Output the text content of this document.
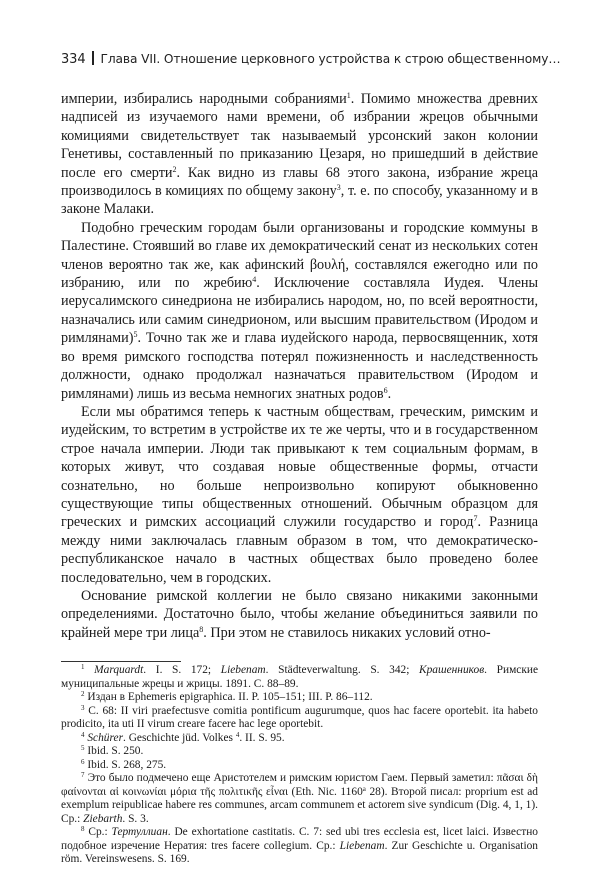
334 Глава VII. Отношение церковного устройства к строю общественному…

империи, избирались народными собраниями$^1$. Помимо множества древних надписей из изучаемого нами времени, об избрании жрецов обычными комициями свидетельствует так называемый урсонский закон колонии Генетивы, составленный по приказанию Цезаря, но пришедший в действие после его смерти$^2$. Как видно из главы 68 этого закона, избрание жреца производилось в комициях по общему закону$^3$, т. е. по способу, указанному и в законе Малаки.

Подобно греческим городам были организованы и городские коммуны в Палестине. Стоявший во главе их демократический сенат из нескольких сотен членов вероятно так же, как афинский βουλή, составлялся ежегодно или по избранию, или по жребию$^4$. Исключение составляла Иудея. Члены иерусалимского синедриона не избирались народом, но, по всей вероятности, назначались или самим синедрионом, или высшим правительством (Иродом и римлянами)$^5$. Точно так же и глава иудейского народа, первосвященник, хотя во время римского господства потерял пожизненность и наследственность должности, однако продолжал назначаться правительством (Иродом и римлянами) лишь из весьма немногих знатных родов$^6$.

Если мы обратимся теперь к частным обществам, греческим, римским и иудейским, то встретим в устройстве их те же черты, что и в государственном строе начала империи. Люди так привыкают к тем социальным формам, в которых живут, что создавая новые общественные формы, отчасти сознательно, но больше непроизвольно копируют обыкновенно существующие типы общественных отношений. Обычным образцом для греческих и римских ассоциаций служили государство и город$^7$. Разница между ними заключалась главным образом в том, что демократическо-республиканское начало в частных обществах было проведено более последовательно, чем в городских.

Основание римской коллегии не было связано никакими законными определениями. Достаточно было, чтобы желание объединиться заявили по крайней мере три лица$^8$. При этом не ставилось никаких условий отно-

$^1$ Marquardt. I. S. 172; Liebenam. Städteverwaltung. S. 342; Крашенников. Римские муниципальные жрецы и жрицы. 1891. С. 88–89.

$^2$ Издан в Ephemeris epigraphica. II. P. 105–151; III. P. 86–112.

$^3$ C. 68: II viri praefectusve comitia pontificum augurumque, quos hac facere oportebit. ita habeto prodicito, ita uti II virum creare facere hac lege oportebit.

$^4$ Schürer. Geschichte jüd. Volkes $^4$. II. S. 95.

$^5$ Ibid. S. 250.

$^6$ Ibid. S. 268, 275.

$^7$ Это было подмечено еще Аристотелем и римским юристом Гаем. Первый заметил: πᾶσαι δὴ φαίνονται αἱ κοινωνίαι μόρια τῆς πολιτικῆς εἶναι (Eth. Nic. 1160$^a$ 28). Второй писал: proprium est ad exemplum reipublicae habere res communes, arcam communem et actorem sive syndicum (Dig. 4, 1, 1). Ср.: Ziebarth. S. 3.

$^8$ Ср.: Тертуллиан. De exhortatione castitatis. C. 7: sed ubi tres ecclesia est, licet laici. Известно подобное изречение Нератия: tres facere collegium. Ср.: Liebenam. Zur Geschichte u. Organisation röm. Vereinswesens. S. 169.
